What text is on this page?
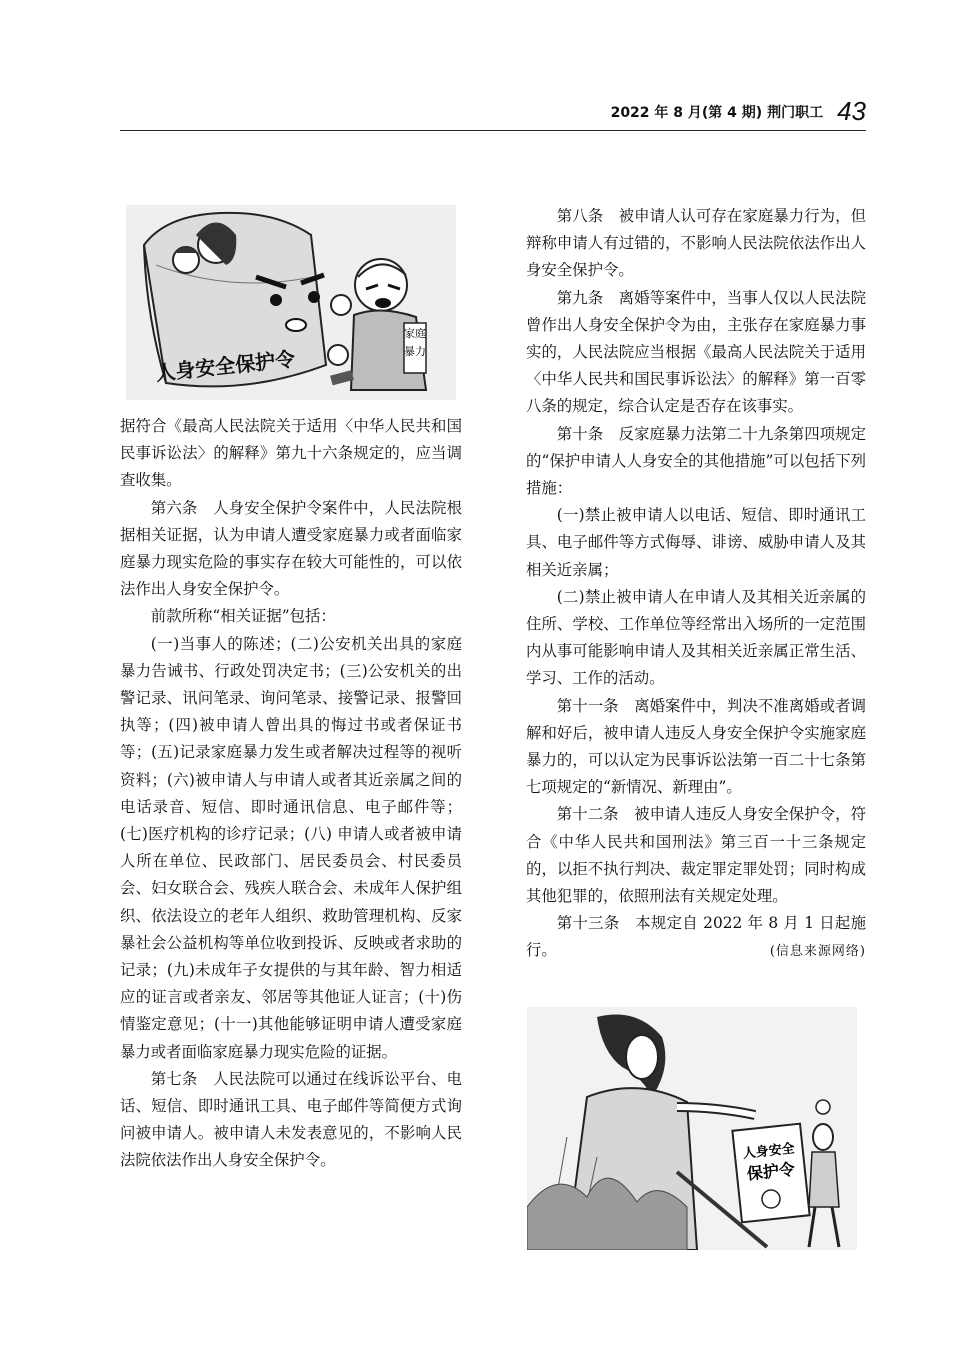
2022 年 8 月(第 4 期) 荆门职工 43
家庭
暴力
人身安全保护令

据符合《最高人民法院关于适用〈中华人民共和国民事诉讼法〉的解释》第九十六条规定的，应当调查收集。

第六条　人身安全保护令案件中，人民法院根据相关证据，认为申请人遭受家庭暴力或者面临家庭暴力现实危险的事实存在较大可能性的，可以依法作出人身安全保护令。

前款所称“相关证据”包括：

(一)当事人的陈述；(二)公安机关出具的家庭暴力告诫书、行政处罚决定书；(三)公安机关的出警记录、讯问笔录、询问笔录、接警记录、报警回执等；(四)被申请人曾出具的悔过书或者保证书等；(五)记录家庭暴力发生或者解决过程等的视听资料；(六)被申请人与申请人或者其近亲属之间的电话录音、短信、即时通讯信息、电子邮件等；(七)医疗机构的诊疗记录；(八) 申请人或者被申请人所在单位、民政部门、居民委员会、村民委员会、妇女联合会、残疾人联合会、未成年人保护组织、依法设立的老年人组织、救助管理机构、反家暴社会公益机构等单位收到投诉、反映或者求助的记录；(九)未成年子女提供的与其年龄、智力相适应的证言或者亲友、邻居等其他证人证言；(十)伤情鉴定意见；(十一)其他能够证明申请人遭受家庭暴力或者面临家庭暴力现实危险的证据。

第七条　人民法院可以通过在线诉讼平台、电话、短信、即时通讯工具、电子邮件等简便方式询问被申请人。被申请人未发表意见的，不影响人民法院依法作出人身安全保护令。

第八条　被申请人认可存在家庭暴力行为，但辩称申请人有过错的，不影响人民法院依法作出人身安全保护令。

第九条　离婚等案件中，当事人仅以人民法院曾作出人身安全保护令为由，主张存在家庭暴力事实的，人民法院应当根据《最高人民法院关于适用〈中华人民共和国民事诉讼法〉的解释》第一百零八条的规定，综合认定是否存在该事实。

第十条　反家庭暴力法第二十九条第四项规定的“保护申请人人身安全的其他措施”可以包括下列措施：

(一)禁止被申请人以电话、短信、即时通讯工具、电子邮件等方式侮辱、诽谤、威胁申请人及其相关近亲属；

(二)禁止被申请人在申请人及其相关近亲属的住所、学校、工作单位等经常出入场所的一定范围内从事可能影响申请人及其相关近亲属正常生活、学习、工作的活动。

第十一条　离婚案件中，判决不准离婚或者调解和好后，被申请人违反人身安全保护令实施家庭暴力的，可以认定为民事诉讼法第一百二十七条第七项规定的“新情况、新理由”。

第十二条　被申请人违反人身安全保护令，符合《中华人民共和国刑法》第三百一十三条规定的，以拒不执行判决、裁定罪定罪处罚；同时构成其他犯罪的，依照刑法有关规定处理。

第十三条　本规定自 2022 年 8 月 1 日起施行。	(信息来源网络)

人身安全
保护令
